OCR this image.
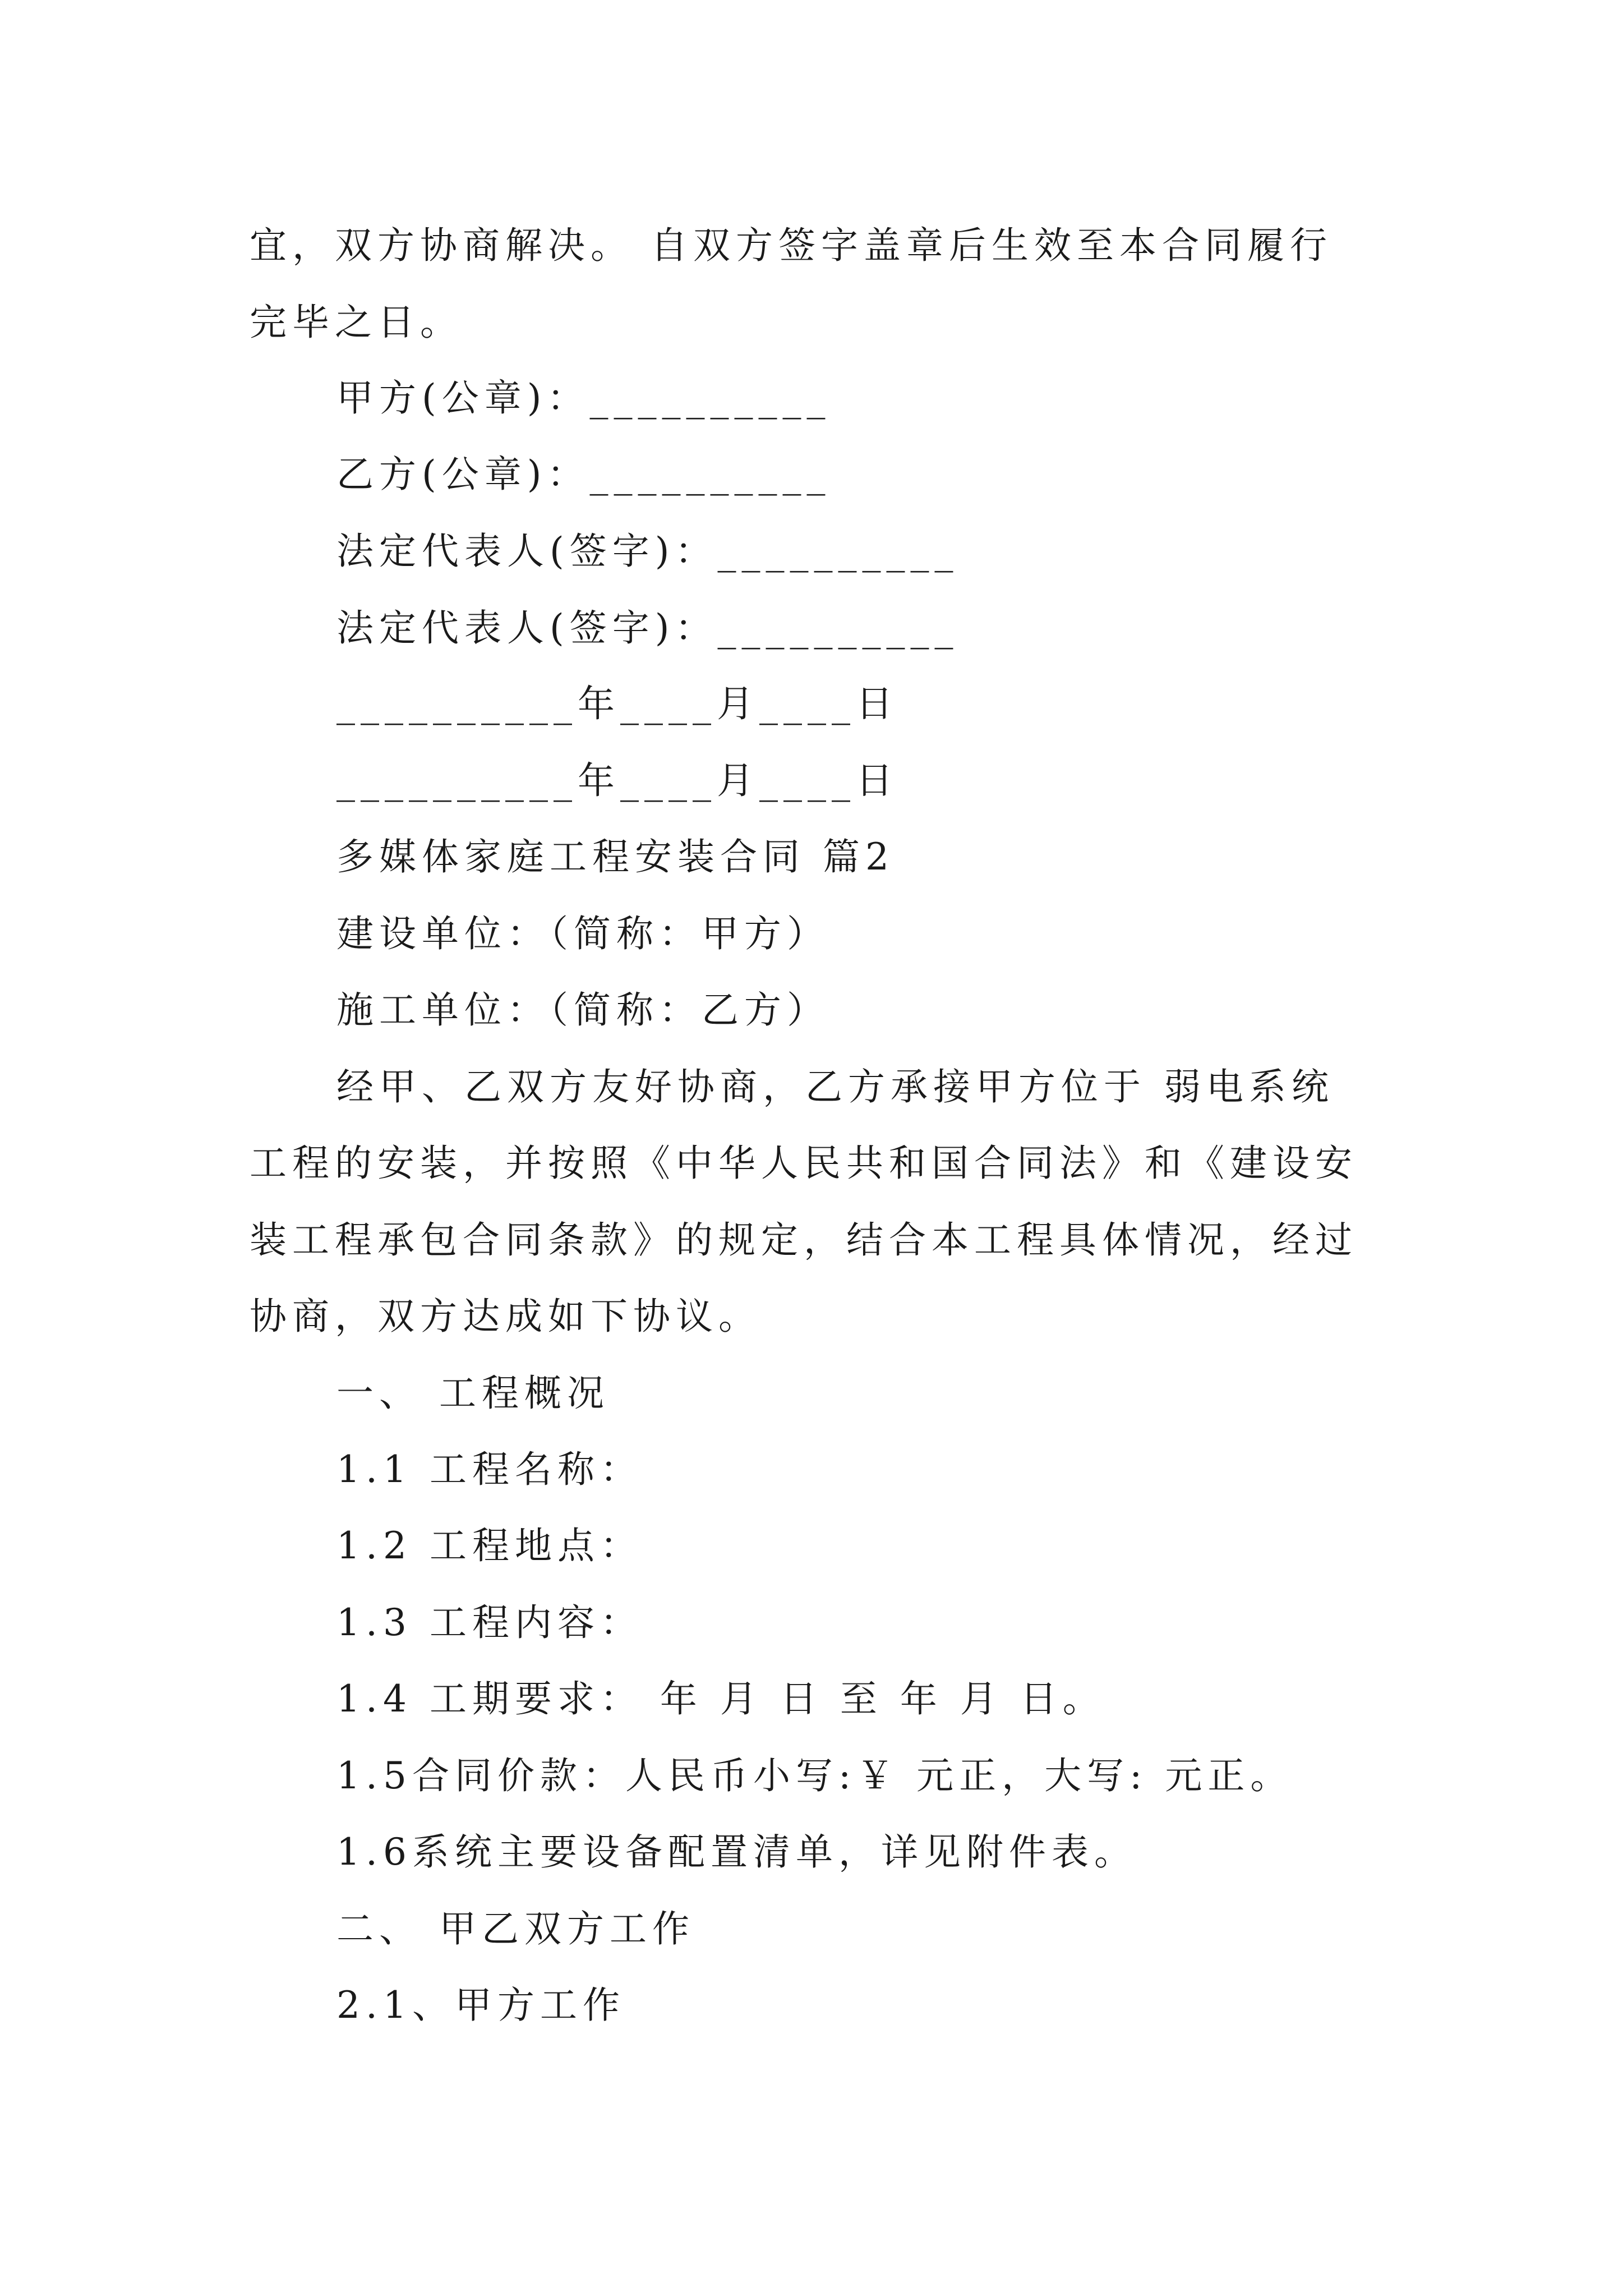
宜，双方协商解决。 自双方签字盖章后生效至本合同履行
完毕之日。
甲方(公章)：__________
乙方(公章)：__________
法定代表人(签字)：__________
法定代表人(签字)：__________
__________年____月____日
__________年____月____日
多媒体家庭工程安装合同 篇2
建设单位：（简称：甲方）
施工单位：（简称：乙方）
经甲、乙双方友好协商，乙方承接甲方位于 弱电系统
工程的安装，并按照《中华人民共和国合同法》和《建设安
装工程承包合同条款》的规定，结合本工程具体情况，经过
协商，双方达成如下协议。
一、 工程概况
1.1 工程名称：
1.2 工程地点：
1.3 工程内容：
1.4 工期要求： 年 月 日 至 年 月 日。
1.5合同价款：人民币小写:￥ 元正，大写: 元正。
1.6系统主要设备配置清单，详见附件表。
二、 甲乙双方工作
2.1、甲方工作
